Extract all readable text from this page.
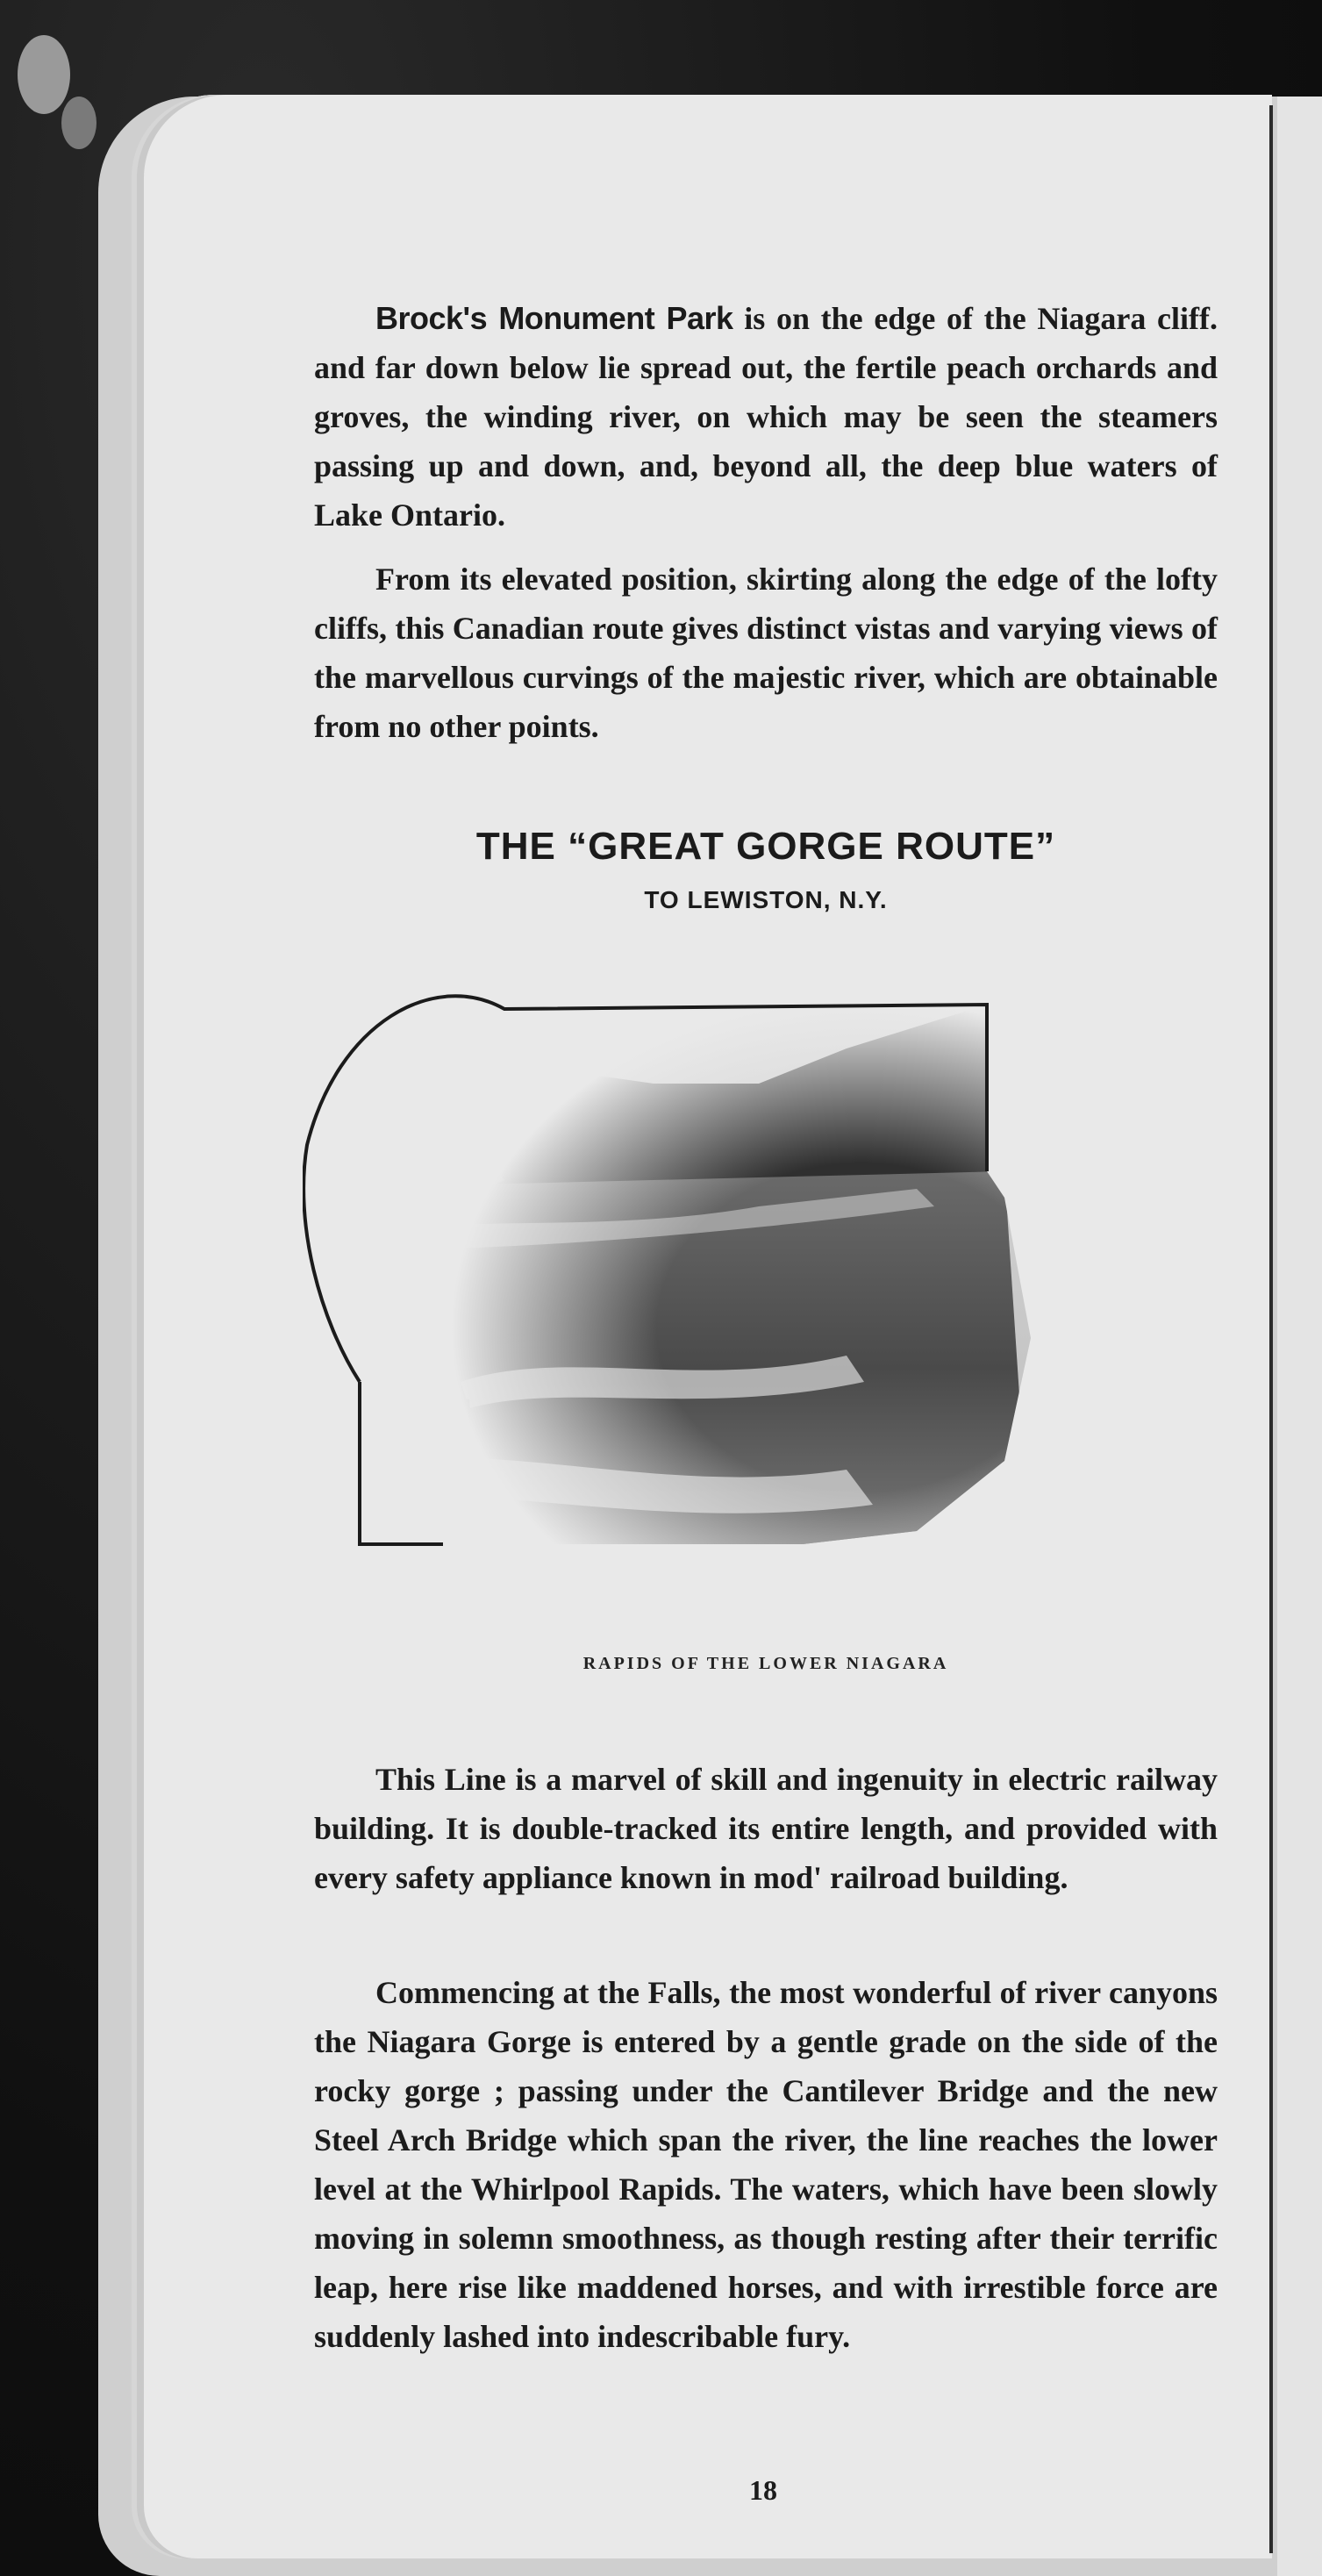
Brock's Monument Park is on the edge of the Niagara cliff. and far down below lie spread out, the fertile peach orchards and groves, the winding river, on which may be seen the steamers passing up and down, and, beyond all, the deep blue waters of Lake Ontario.

From its elevated position, skirting along the edge of the lofty cliffs, this Canadian route gives distinct vistas and varying views of the marvellous curvings of the majestic river, which are obtainable from no other points.

THE “GREAT GORGE ROUTE”
TO LEWISTON, N.Y.
RAPIDS OF THE LOWER NIAGARA

This Line is a marvel of skill and ingenuity in electric railway building. It is double-tracked its entire length, and provided with every safety appliance known in mod' railroad building.

Commencing at the Falls, the most wonderful of river canyons the Niagara Gorge is entered by a gentle grade on the side of the rocky gorge ; passing under the Cantilever Bridge and the new Steel Arch Bridge which span the river, the line reaches the lower level at the Whirlpool Rapids. The waters, which have been slowly moving in solemn smoothness, as though resting after their terrific leap, here rise like maddened horses, and with irrestible force are suddenly lashed into indescribable fury.

18
